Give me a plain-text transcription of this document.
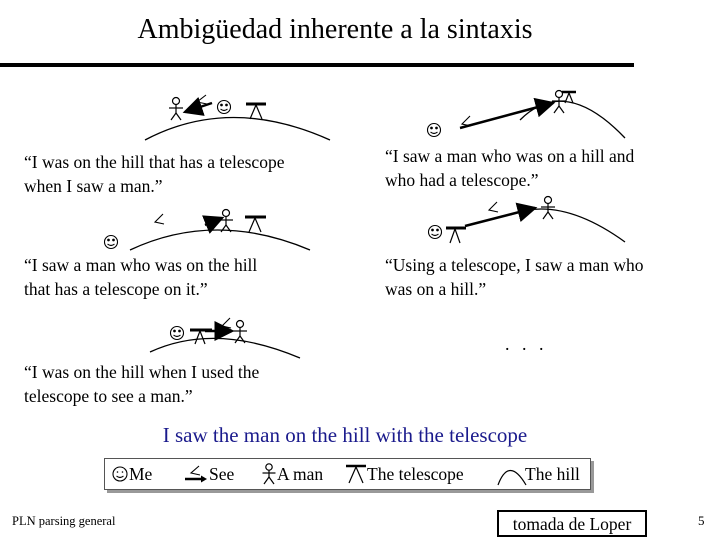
Ambigüedad inherente a la sintaxis
“I was on the hill that has a telescope
when I saw a man.”
“I saw a man who was on a hill and
who had a telescope.”
“I saw a man who was on the hill
that has a telescope on it.”
“Using a telescope, I saw a man who
was on a hill.”
“I was on the hill when I used the
telescope to see a man.”
. . .
I saw the man on the hill with the telescope
Me	See A man	The telescope	The hill
PLN parsing general	tomada de Loper	5
